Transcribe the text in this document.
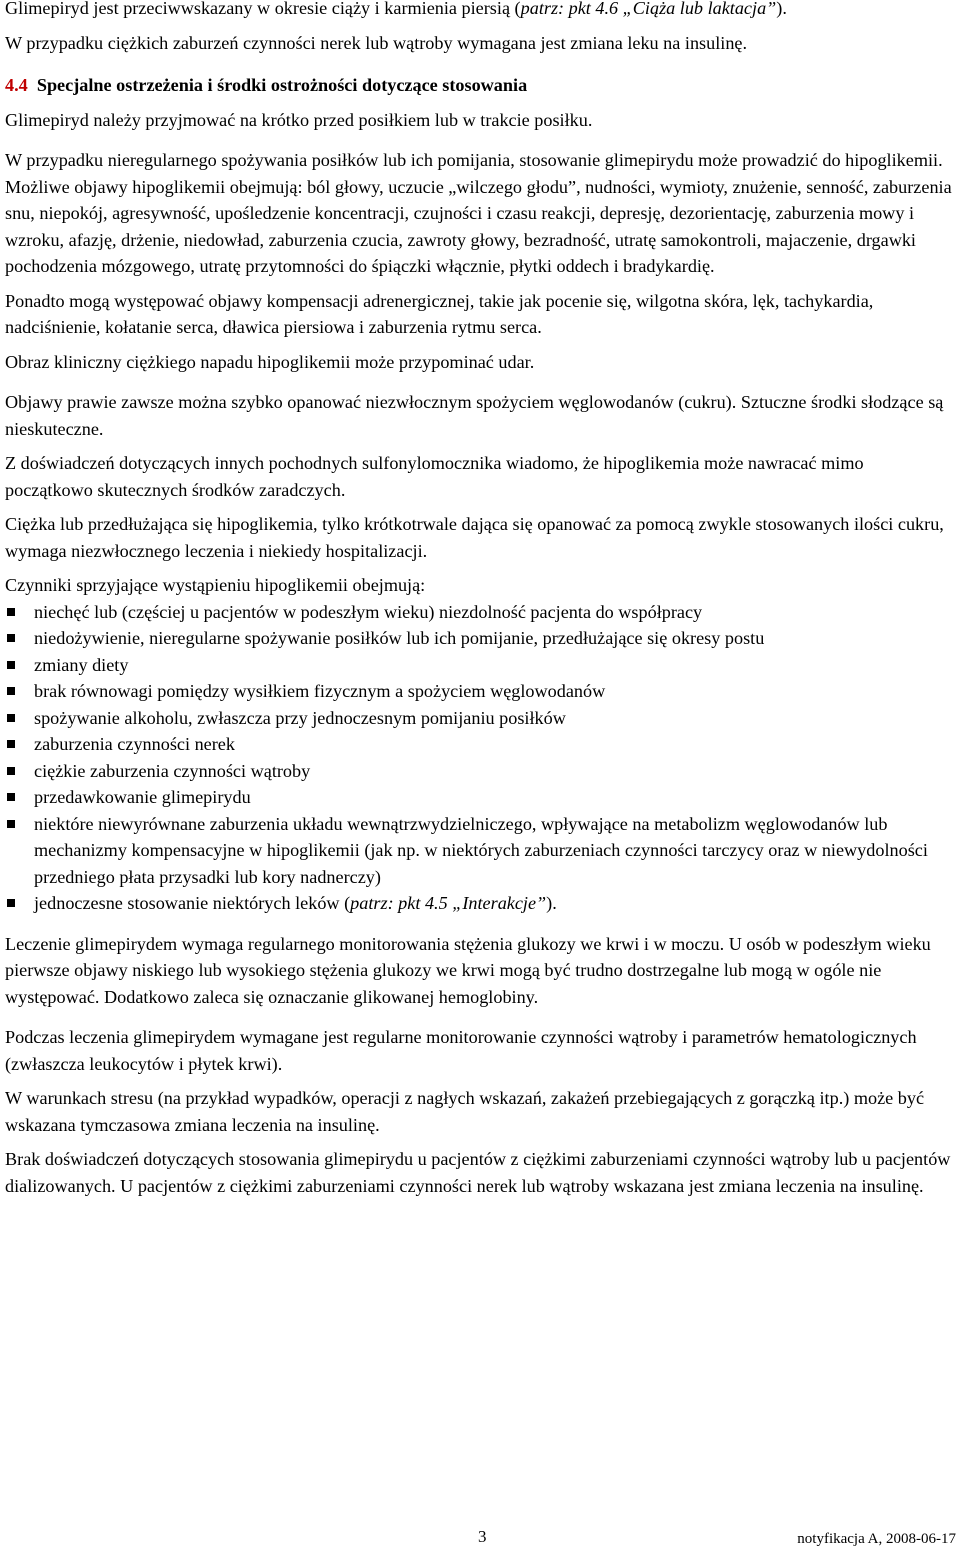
Glimepiryd jest przeciwwskazany w okresie ciąży i karmienia piersią (patrz: pkt 4.6 „Ciąża lub laktacja”).

W przypadku ciężkich zaburzeń czynności nerek lub wątroby wymagana jest zmiana leku na insulinę.

4.4 Specjalne ostrzeżenia i środki ostrożności dotyczące stosowania

Glimepiryd należy przyjmować na krótko przed posiłkiem lub w trakcie posiłku.

W przypadku nieregularnego spożywania posiłków lub ich pomijania, stosowanie glimepirydu może prowadzić do hipoglikemii. Możliwe objawy hipoglikemii obejmują: ból głowy, uczucie „wilczego głodu”, nudności, wymioty, znużenie, senność, zaburzenia snu, niepokój, agresywność, upośledzenie koncentracji, czujności i czasu reakcji, depresję, dezorientację, zaburzenia mowy i wzroku, afazję, drżenie, niedowład, zaburzenia czucia, zawroty głowy, bezradność, utratę samokontroli, majaczenie, drgawki pochodzenia mózgowego, utratę przytomności do śpiączki włącznie, płytki oddech i bradykardię.

Ponadto mogą występować objawy kompensacji adrenergicznej, takie jak pocenie się, wilgotna skóra, lęk, tachykardia, nadciśnienie, kołatanie serca, dławica piersiowa i zaburzenia rytmu serca.

Obraz kliniczny ciężkiego napadu hipoglikemii może przypominać udar.

Objawy prawie zawsze można szybko opanować niezwłocznym spożyciem węglowodanów (cukru). Sztuczne środki słodzące są nieskuteczne.

Z doświadczeń dotyczących innych pochodnych sulfonylomocznika wiadomo, że hipoglikemia może nawracać mimo początkowo skutecznych środków zaradczych.

Ciężka lub przedłużająca się hipoglikemia, tylko krótkotrwale dająca się opanować za pomocą zwykle stosowanych ilości cukru, wymaga niezwłocznego leczenia i niekiedy hospitalizacji.

Czynniki sprzyjające wystąpieniu hipoglikemii obejmują:

niechęć lub (częściej u pacjentów w podeszłym wieku) niezdolność pacjenta do współpracy
niedożywienie, nieregularne spożywanie posiłków lub ich pomijanie, przedłużające się okresy postu
zmiany diety
brak równowagi pomiędzy wysiłkiem fizycznym a spożyciem węglowodanów
spożywanie alkoholu, zwłaszcza przy jednoczesnym pomijaniu posiłków
zaburzenia czynności nerek
ciężkie zaburzenia czynności wątroby
przedawkowanie glimepirydu
niektóre niewyrównane zaburzenia układu wewnątrzwydzielniczego, wpływające na metabolizm węglowodanów lub mechanizmy kompensacyjne w hipoglikemii (jak np. w niektórych zaburzeniach czynności tarczycy oraz w niewydolności przedniego płata przysadki lub kory nadnerczy)
jednoczesne stosowanie niektórych leków (patrz: pkt 4.5 „Interakcje”).

Leczenie glimepirydem wymaga regularnego monitorowania stężenia glukozy we krwi i w moczu. U osób w podeszłym wieku pierwsze objawy niskiego lub wysokiego stężenia glukozy we krwi mogą być trudno dostrzegalne lub mogą w ogóle nie występować. Dodatkowo zaleca się oznaczanie glikowanej hemoglobiny.

Podczas leczenia glimepirydem wymagane jest regularne monitorowanie czynności wątroby i parametrów hematologicznych (zwłaszcza leukocytów i płytek krwi).

W warunkach stresu (na przykład wypadków, operacji z nagłych wskazań, zakażeń przebiegających z gorączką itp.) może być wskazana tymczasowa zmiana leczenia na insulinę.

Brak doświadczeń dotyczących stosowania glimepirydu u pacjentów z ciężkimi zaburzeniami czynności wątroby lub u pacjentów dializowanych. U pacjentów z ciężkimi zaburzeniami czynności nerek lub wątroby wskazana jest zmiana leczenia na insulinę.

3	notyfikacja A, 2008-06-17
